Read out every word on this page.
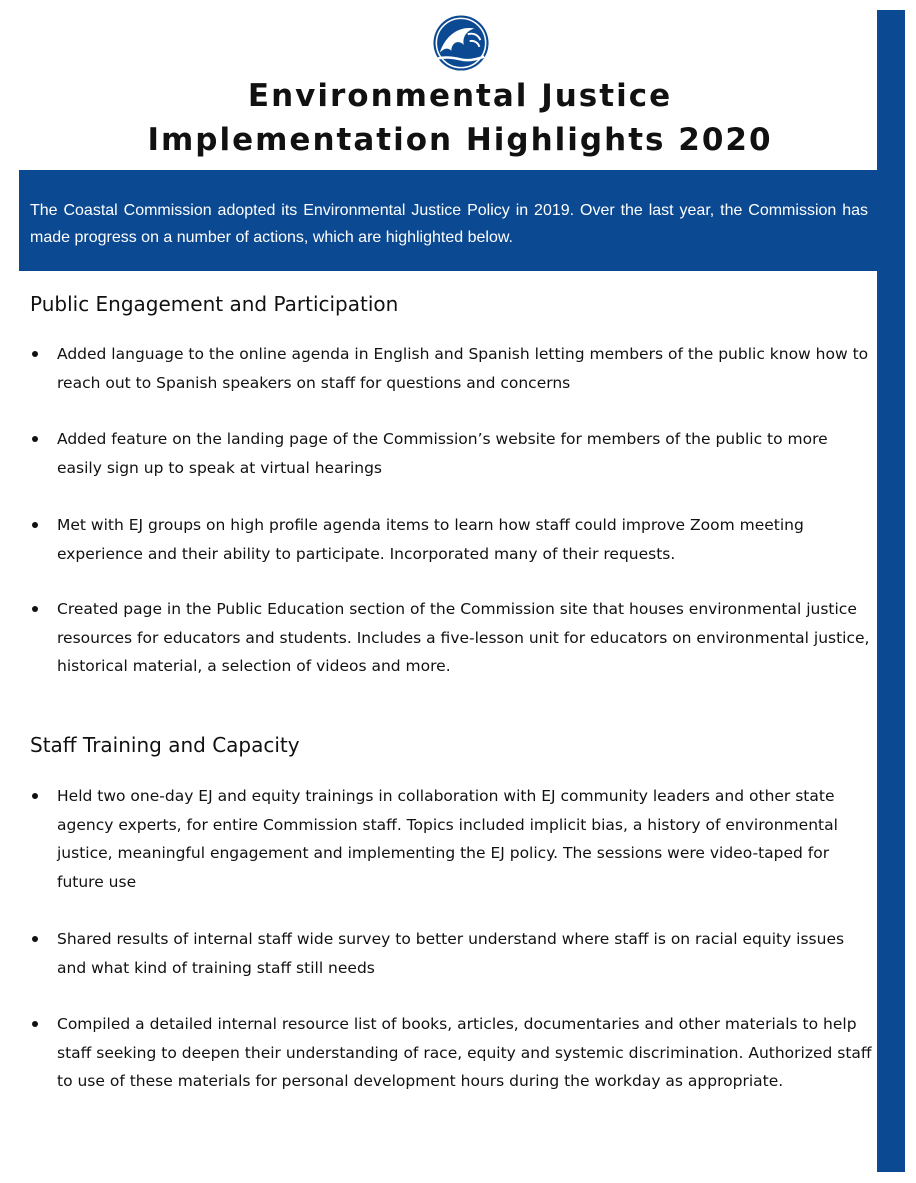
Environmental Justice
Implementation Highlights 2020

The Coastal Commission adopted its Environmental Justice Policy in 2019. Over the last year, the Commission has made progress on a number of actions, which are highlighted below.

Public Engagement and Participation
Added language to the online agenda in English and Spanish letting members of the public know how to reach out to Spanish speakers on staff for questions and concerns
Added feature on the landing page of the Commission’s website for members of the public to more easily sign up to speak at virtual hearings
Met with EJ groups on high profile agenda items to learn how staff could improve Zoom meeting experience and their ability to participate. Incorporated many of their requests.
Created page in the Public Education section of the Commission site that houses environmental justice resources for educators and students. Includes a five-lesson unit for educators on environmental justice, historical material, a selection of videos and more.
Staff Training and Capacity
Held two one-day EJ and equity trainings in collaboration with EJ community leaders and other state agency experts, for entire Commission staff. Topics included implicit bias, a history of environmental justice, meaningful engagement and implementing the EJ policy. The sessions were video-taped for future use
Shared results of internal staff wide survey to better understand where staff is on racial equity issues and what kind of training staff still needs
Compiled a detailed internal resource list of books, articles, documentaries and other materials to help staff seeking to deepen their understanding of race, equity and systemic discrimination. Authorized staff to use of these materials for personal development hours during the workday as appropriate.
